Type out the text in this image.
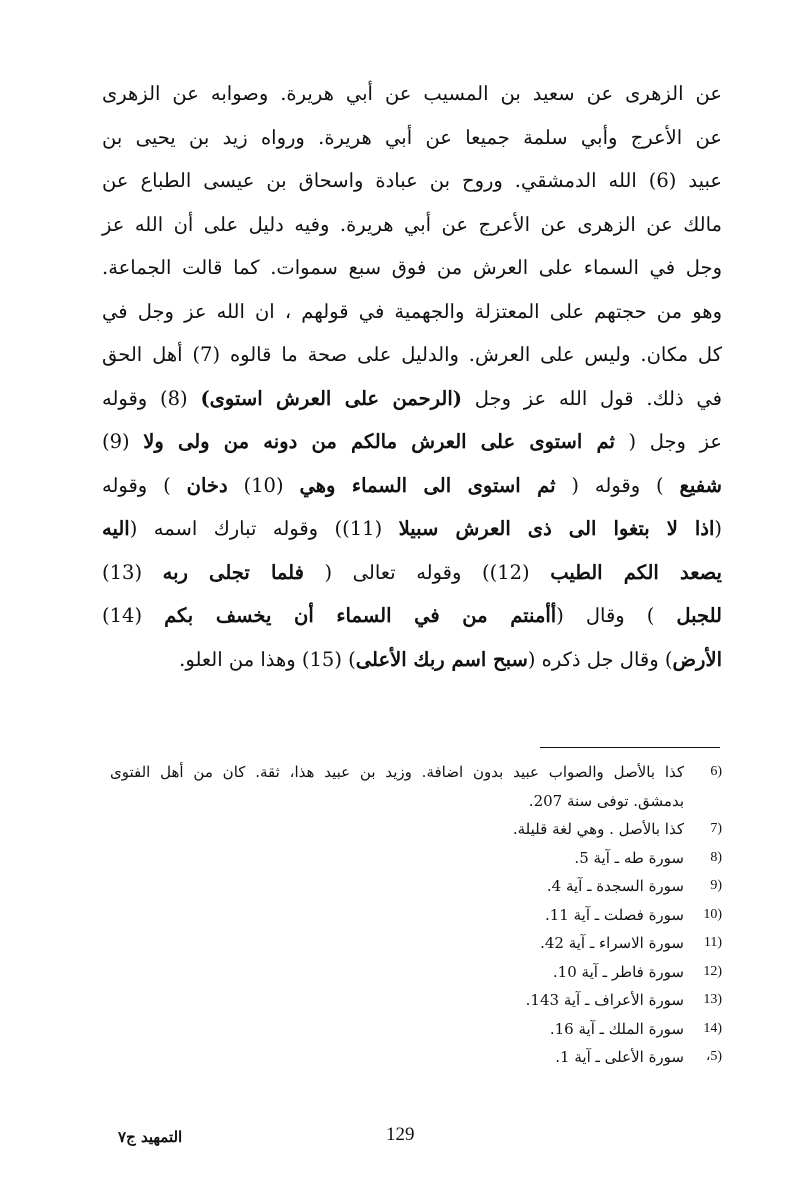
عن الزهرى عن سعيد بن المسيب عن أبي هريرة. وصوابه عن الزهرى
عن الأعرج وأبي سلمة جميعا عن أبي هريرة. ورواه زيد بن يحيى بن
عبيد (6) الله الدمشقي. وروح بن عبادة واسحاق بن عيسى الطباع عن
مالك عن الزهرى عن الأعرج عن أبي هريرة. وفيه دليل على أن الله عز
وجل في السماء على العرش من فوق سبع سموات. كما قالت الجماعة.
وهو من حجتهم على المعتزلة والجهمية في قولهم ، ان الله عز وجل في
كل مكان. وليس على العرش. والدليل على صحة ما قالوه (7) أهل الحق
في ذلك. قول الله عز وجل (الرحمن على العرش استوى) (8) وقوله
عز وجل ( ثم استوى على العرش مالكم من دونه من ولى ولا (9)
شفيع ) وقوله ( ثم استوى الى السماء وهي (10) دخان ) وقوله
(اذا لا بتغوا الى ذى العرش سبيلا (11)) وقوله تبارك اسمه (اليه
يصعد الكم الطيب (12)) وقوله تعالى ( فلما تجلى ربه (13)
للجبل ) وقال (أأمنتم من في السماء أن يخسف بكم (14)
الأرض) وقال جل ذكره (سبح اسم ربك الأعلى) (15) وهذا من العلو.
6)
كذا بالأصل والصواب عبيد بدون اضافة. وزيد بن عبيد هذا، ثقة. كان من أهل الفتوى
بدمشق. توفى سنة 207.
7)
كذا بالأصل . وهي لغة قليلة.
8)
سورة طه ـ آية 5.
9)
سورة السجدة ـ آية 4.
10)
سورة فصلت ـ آية 11.
11)
سورة الاسراء ـ آية 42.
12)
سورة فاطر ـ آية 10.
13)
سورة الأعراف ـ آية 143.
14)
سورة الملك ـ آية 16.
،5)
سورة الأعلى ـ آية 1.
129
التمهيد ج٧
